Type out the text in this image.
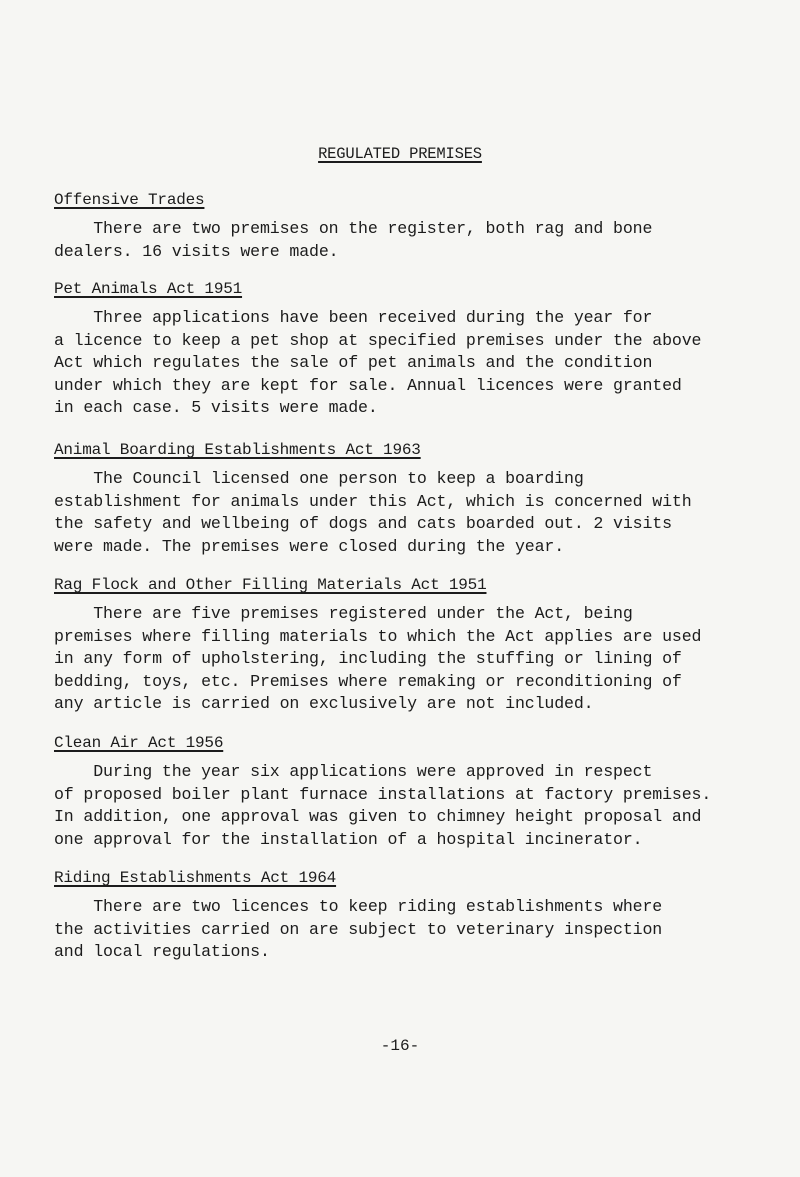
REGULATED PREMISES
Offensive Trades

There are two premises on the register, both rag and bone
dealers. 16 visits were made.

Pet Animals Act 1951

Three applications have been received during the year for
a licence to keep a pet shop at specified premises under the above
Act which regulates the sale of pet animals and the condition
under which they are kept for sale. Annual licences were granted
in each case. 5 visits were made.

Animal Boarding Establishments Act 1963

The Council licensed one person to keep a boarding
establishment for animals under this Act, which is concerned with
the safety and wellbeing of dogs and cats boarded out. 2 visits
were made. The premises were closed during the year.

Rag Flock and Other Filling Materials Act 1951

There are five premises registered under the Act, being
premises where filling materials to which the Act applies are used
in any form of upholstering, including the stuffing or lining of
bedding, toys, etc. Premises where remaking or reconditioning of
any article is carried on exclusively are not included.

Clean Air Act 1956

During the year six applications were approved in respect
of proposed boiler plant furnace installations at factory premises.
In addition, one approval was given to chimney height proposal and
one approval for the installation of a hospital incinerator.

Riding Establishments Act 1964

There are two licences to keep riding establishments where
the activities carried on are subject to veterinary inspection
and local regulations.

-16-
